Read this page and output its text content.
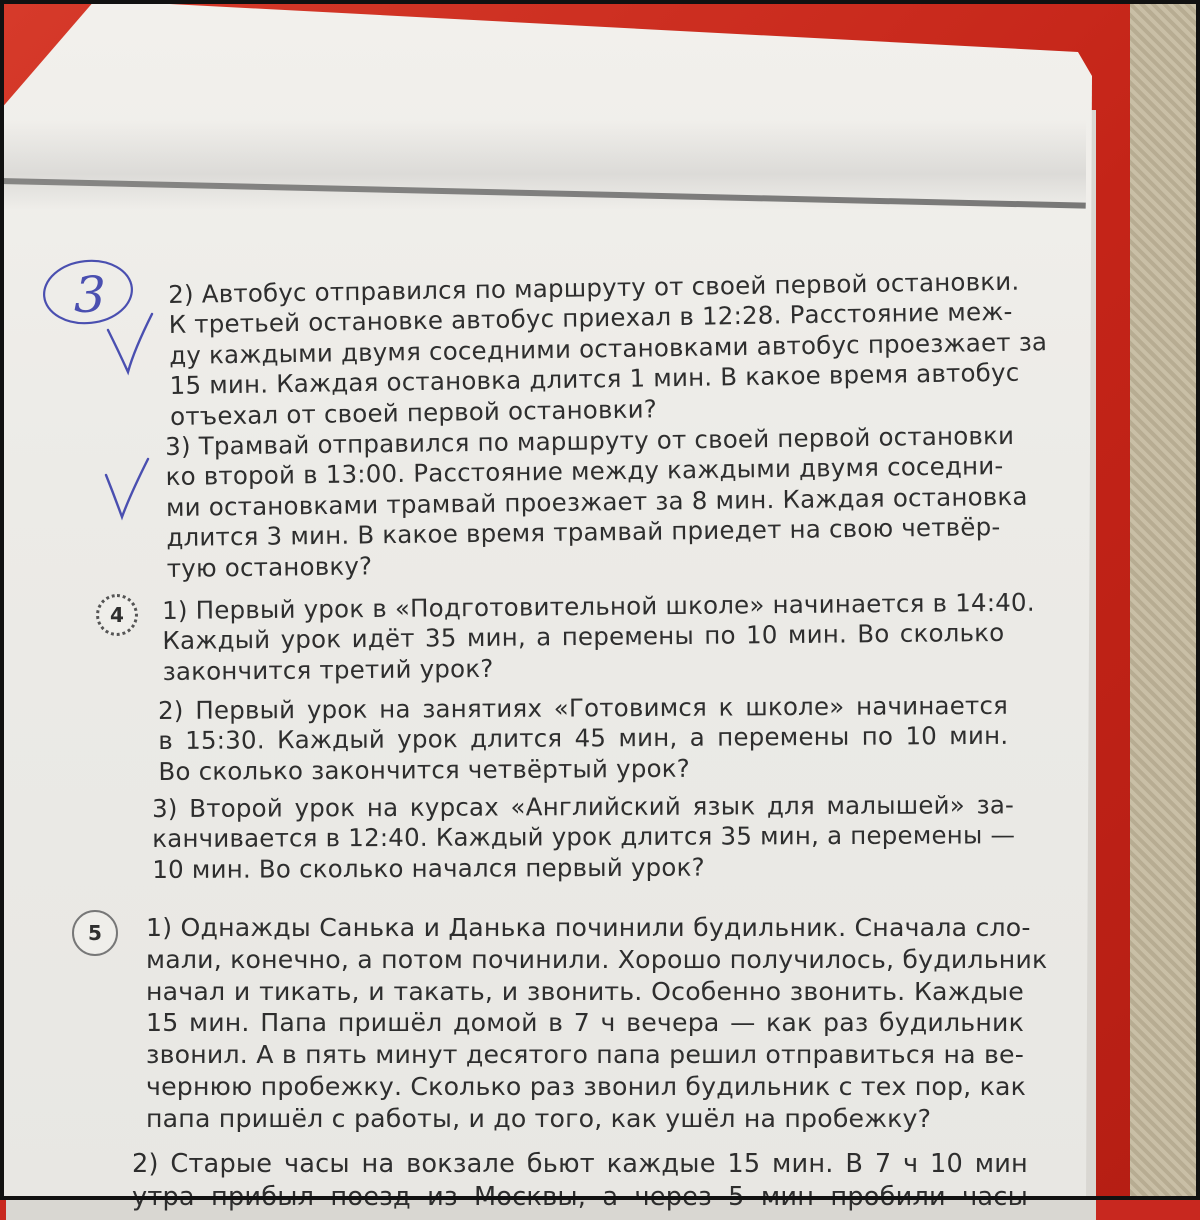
3	2) Автобус отправился по маршруту от своей первой остановки.
К третьей остановке автобус приехал в 12:28. Расстояние меж-
ду каждыми двумя соседними остановками автобус проезжает за
15 мин. Каждая остановка длится 1 мин. В какое время автобус
отъехал от своей первой остановки?
3) Трамвай отправился по маршруту от своей первой остановки
ко второй в 13:00. Расстояние между каждыми двумя соседни-
ми остановками трамвай проезжает за 8 мин. Каждая остановка
длится 3 мин. В какое время трамвай приедет на свою четвёр-
тую остановку?
4 1) Первый урок в «Подготовительной школе» начинается в 14:40.
Каждый урок идёт 35 мин, а перемены по 10 мин. Во сколько
закончится третий урок?
2) Первый урок на занятиях «Готовимся к школе» начинается
в 15:30. Каждый урок длится 45 мин, а перемены по 10 мин.
Во сколько закончится четвёртый урок?
3) Второй урок на курсах «Английский язык для малышей» за-
канчивается в 12:40. Каждый урок длится 35 мин, а перемены —
10 мин. Во сколько начался первый урок?
5 1) Однажды Санька и Данька починили будильник. Сначала сло-
мали, конечно, а потом починили. Хорошо получилось, будильник
начал и тикать, и такать, и звонить. Особенно звонить. Каждые
15 мин. Папа пришёл домой в 7 ч вечера — как раз будильник
звонил. А в пять минут десятого папа решил отправиться на ве-
чернюю пробежку. Сколько раз звонил будильник с тех пор, как
папа пришёл с работы, и до того, как ушёл на пробежку?
2) Старые часы на вокзале бьют каждые 15 мин. В 7 ч 10 мин
утра прибыл поезд из Москвы, а через 5 мин пробили часы
